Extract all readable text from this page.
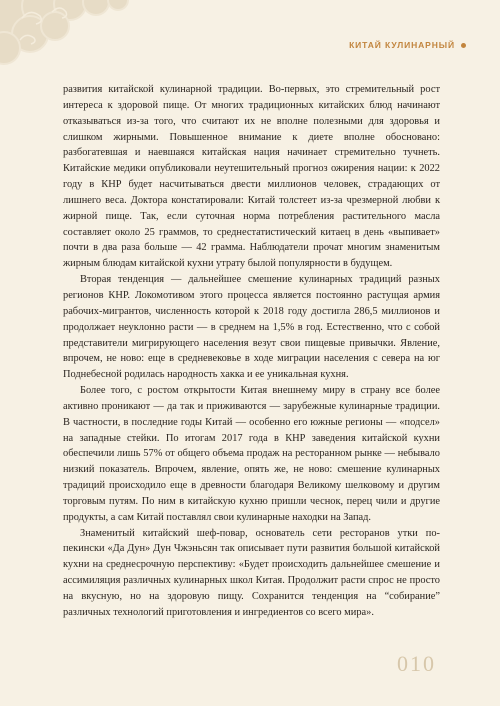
КИТАЙ КУЛИНАРНЫЙ

развития китайской кулинарной традиции. Во-первых, это стремительный рост интереса к здоровой пище. От многих традиционных китайских блюд начинают отказываться из-за того, что считают их не вполне полезными для здоровья и слишком жирными. Повышенное внимание к диете вполне обосновано: разбогатевшая и наевшаяся китайская нация начинает стремительно тучнеть. Китайские медики опубликовали неутешительный прогноз ожирения нации: к 2022 году в КНР будет насчитываться двести миллионов человек, страдающих от лишнего веса. Доктора констатировали: Китай толстеет из-за чрезмерной любви к жирной пище. Так, если суточная норма потребления растительного масла составляет около 25 граммов, то среднестатистический китаец в день «выпивает» почти в два раза больше — 42 грамма. Наблюдатели прочат многим знаменитым жирным блюдам китайской кухни утрату былой популярности в будущем.

Вторая тенденция — дальнейшее смешение кулинарных традиций разных регионов КНР. Локомотивом этого процесса является постоянно растущая армия рабочих-мигрантов, численность которой к 2018 году достигла 286,5 миллионов и продолжает неуклонно расти — в среднем на 1,5% в год. Естественно, что с собой представители мигрирующего населения везут свои пищевые привычки. Явление, впрочем, не ново: еще в средневековье в ходе миграции населения с севера на юг Поднебесной родилась народность хакка и ее уникальная кухня.

Более того, с ростом открытости Китая внешнему миру в страну все более активно проникают — да так и приживаются — зарубежные кулинарные традиции. В частности, в последние годы Китай — особенно его южные регионы — «подсел» на западные стейки. По итогам 2017 года в КНР заведения китайской кухни обеспечили лишь 57% от общего объема продаж на ресторанном рынке — небывало низкий показатель. Впрочем, явление, опять же, не ново: смешение кулинарных традиций происходило еще в древности благодаря Великому шелковому и другим торговым путям. По ним в китайскую кухню пришли чеснок, перец чили и другие продукты, а сам Китай поставлял свои кулинарные находки на Запад.

Знаменитый китайский шеф-повар, основатель сети ресторанов утки по-пекински «Да Дун» Дун Чжэньсян так описывает пути развития большой китайской кухни на среднесрочную перспективу: «Будет происходить дальнейшее смешение и ассимиляция различных кулинарных школ Китая. Продолжит расти спрос не просто на вкусную, но на здоровую пищу. Сохранится тенденция на “собирание” различных технологий приготовления и ингредиентов со всего мира».

010
